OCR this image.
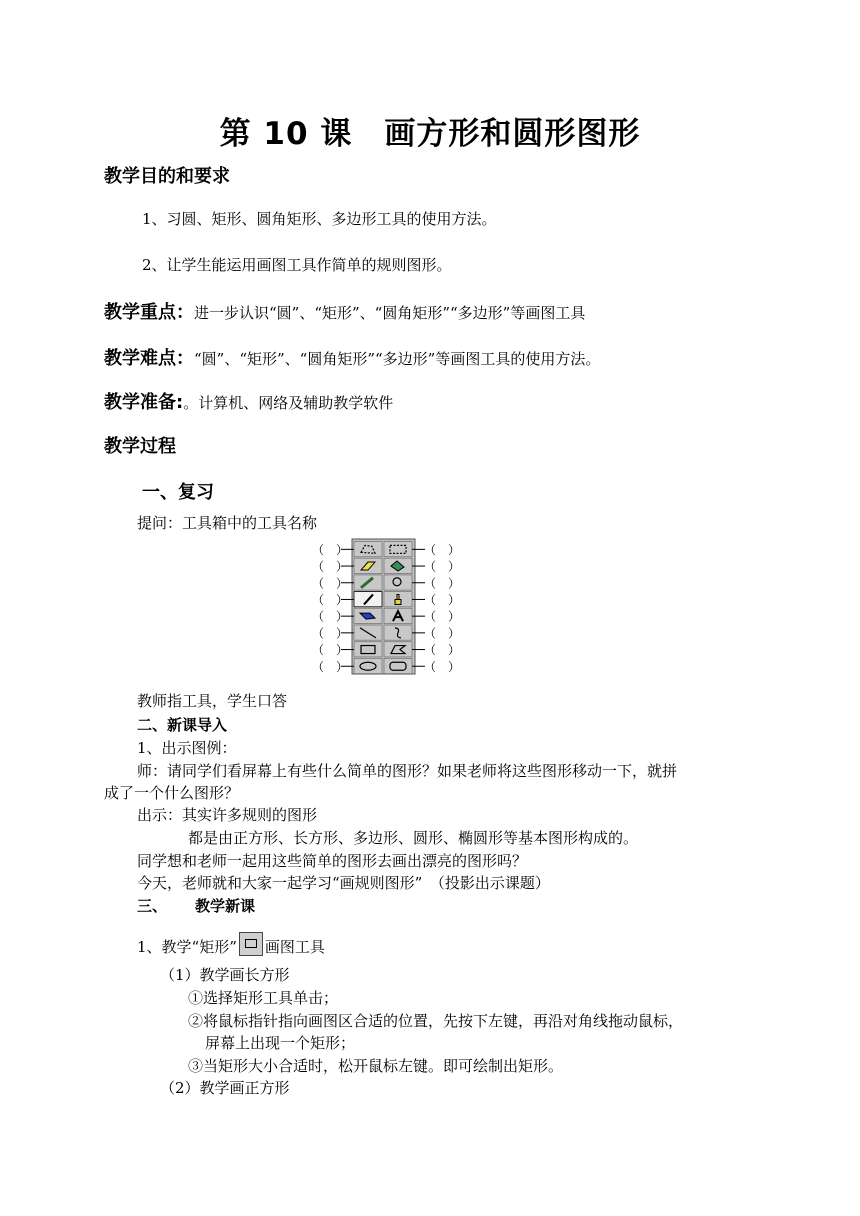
第 10 课　画方形和圆形图形
教学目的和要求
1、习圆、矩形、圆角矩形、多边形工具的使用方法。
2、让学生能运用画图工具作简单的规则图形。
教学重点：进一步认识“圆”、“矩形”、“圆角矩形”“多边形”等画图工具
教学难点：“圆”、“矩形”、“圆角矩形”“多边形”等画图工具的使用方法。
教学准备:。计算机、网络及辅助教学软件
教学过程
一、复习
提问：工具箱中的工具名称
（　）	（　）
（　）	（　）
（　）	（　）
（　）	（　）
（　）	（　）
（　）	（　）
（　）	（　）
（　）	（　）
教师指工具，学生口答
二、新课导入
1、出示图例：
师：请同学们看屏幕上有些什么简单的图形？如果老师将这些图形移动一下，就拼
成了一个什么图形？
出示：其实许多规则的图形
都是由正方形、长方形、多边形、圆形、椭圆形等基本图形构成的。
同学想和老师一起用这些简单的图形去画出漂亮的图形吗？
今天，老师就和大家一起学习“画规则图形”　（投影出示课题）
三、 教学新课
1、教学“矩形” 画图工具
（1）教学画长方形
①选择矩形工具单击；
②将鼠标指针指向画图区合适的位置，先按下左键，再沿对角线拖动鼠标，
屏幕上出现一个矩形；
③当矩形大小合适时，松开鼠标左键。即可绘制出矩形。
（2）教学画正方形
